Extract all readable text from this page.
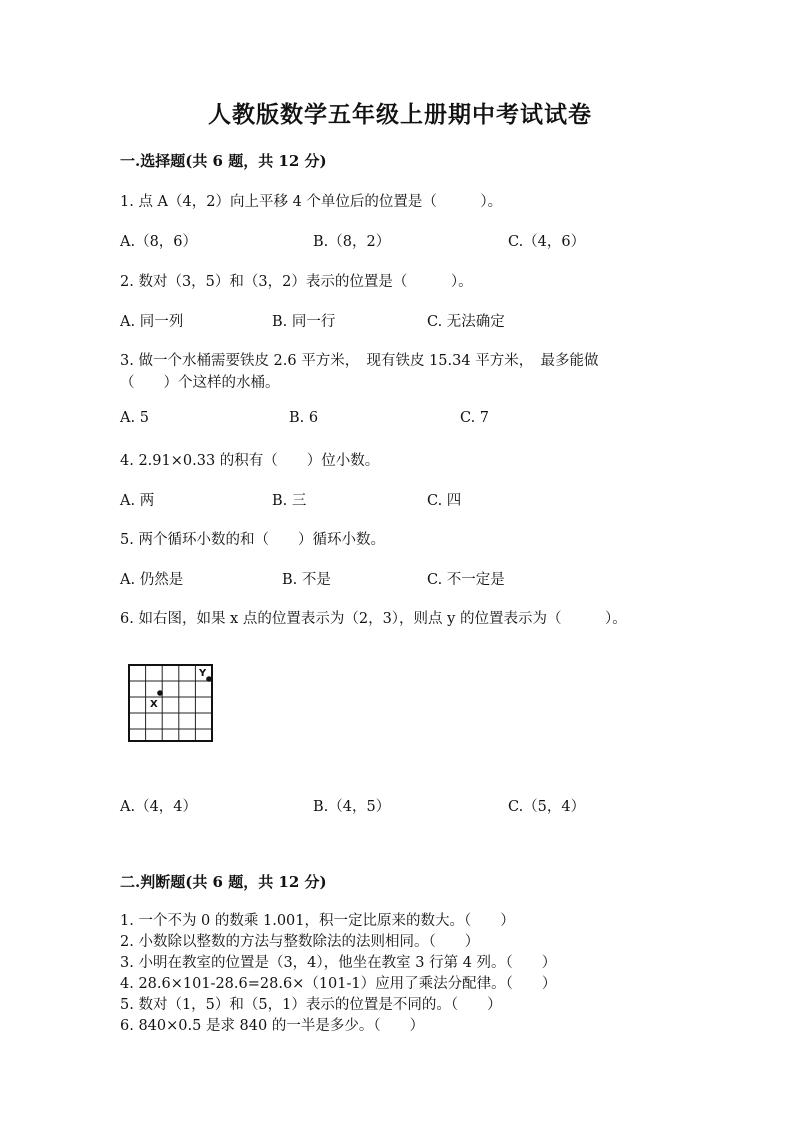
人教版数学五年级上册期中考试试卷
一.选择题(共 6 题，共 12 分)
1. 点 A（4，2）向上平移 4 个单位后的位置是（　　　）。
A.（8，6）	B.（8，2）	C.（4，6）
2. 数对（3，5）和（3，2）表示的位置是（　　　）。
A. 同一列	B. 同一行	C. 无法确定
3. 做一个水桶需要铁皮 2.6 平方米，　现有铁皮 15.34 平方米，　最多能做
（　　）个这样的水桶。
A. 5	B. 6	C. 7
4. 2.91×0.33 的积有（　　）位小数。
A. 两	B. 三	C. 四
5. 两个循环小数的和（　　）循环小数。
A. 仍然是	B. 不是	C. 不一定是
6. 如右图，如果 x 点的位置表示为（2，3），则点 y 的位置表示为（　　　）。
X
Y
A.（4，4）	B.（4，5）	C.（5，4）
二.判断题(共 6 题，共 12 分)
1. 一个不为 0 的数乘 1.001，积一定比原来的数大。（　　）
2. 小数除以整数的方法与整数除法的法则相同。（　　）
3. 小明在教室的位置是（3，4），他坐在教室 3 行第 4 列。（　　）
4. 28.6×101-28.6=28.6×（101-1）应用了乘法分配律。（　　）
5. 数对（1，5）和（5，1）表示的位置是不同的。（　　）
6. 840×0.5 是求 840 的一半是多少。（　　）
